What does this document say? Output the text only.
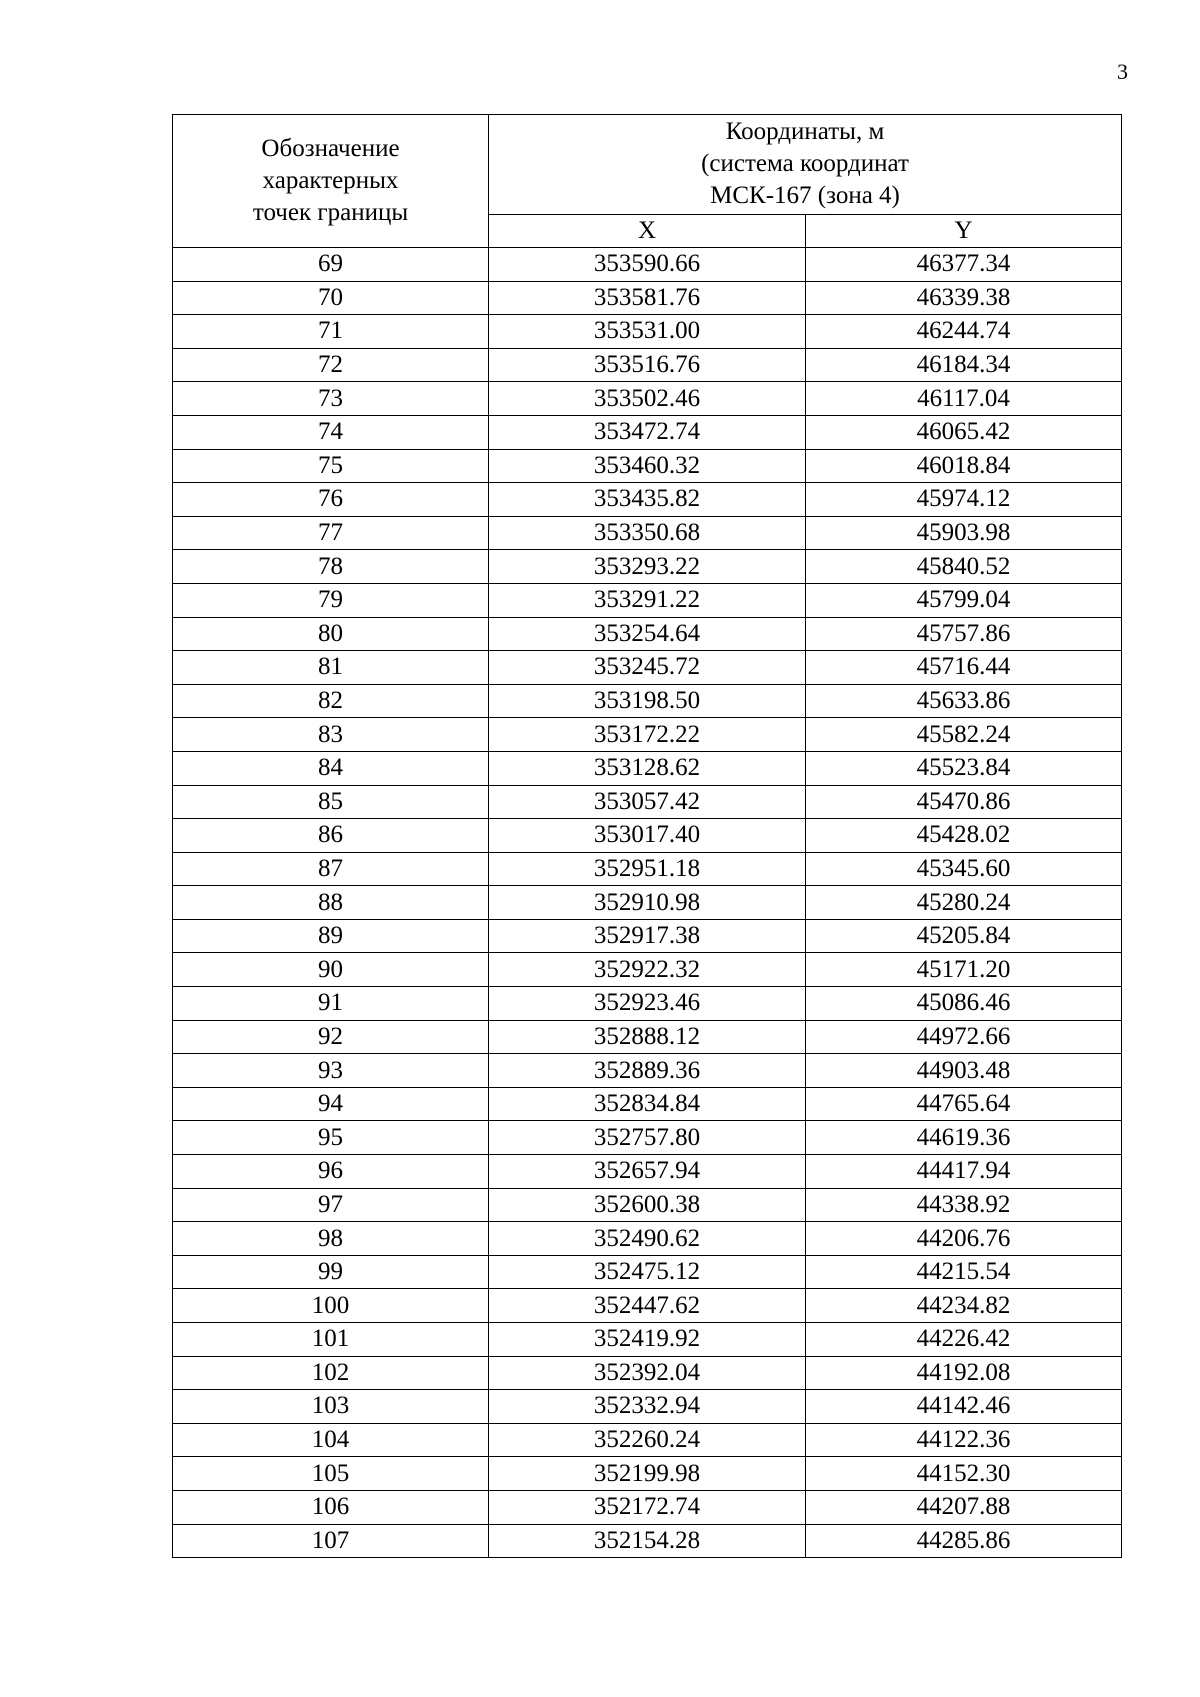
3
Обозначение
характерных
точек границы	Координаты, м
(система координат
МСК-167 (зона 4)	

	X	Y
69	353590.66	46377.34
70	353581.76	46339.38
71	353531.00	46244.74
72	353516.76	46184.34
73	353502.46	46117.04
74	353472.74	46065.42
75	353460.32	46018.84
76	353435.82	45974.12
77	353350.68	45903.98
78	353293.22	45840.52
79	353291.22	45799.04
80	353254.64	45757.86
81	353245.72	45716.44
82	353198.50	45633.86
83	353172.22	45582.24
84	353128.62	45523.84
85	353057.42	45470.86
86	353017.40	45428.02
87	352951.18	45345.60
88	352910.98	45280.24
89	352917.38	45205.84
90	352922.32	45171.20
91	352923.46	45086.46
92	352888.12	44972.66
93	352889.36	44903.48
94	352834.84	44765.64
95	352757.80	44619.36
96	352657.94	44417.94
97	352600.38	44338.92
98	352490.62	44206.76
99	352475.12	44215.54
100	352447.62	44234.82
101	352419.92	44226.42
102	352392.04	44192.08
103	352332.94	44142.46
104	352260.24	44122.36
105	352199.98	44152.30
106	352172.74	44207.88
107	352154.28	44285.86
